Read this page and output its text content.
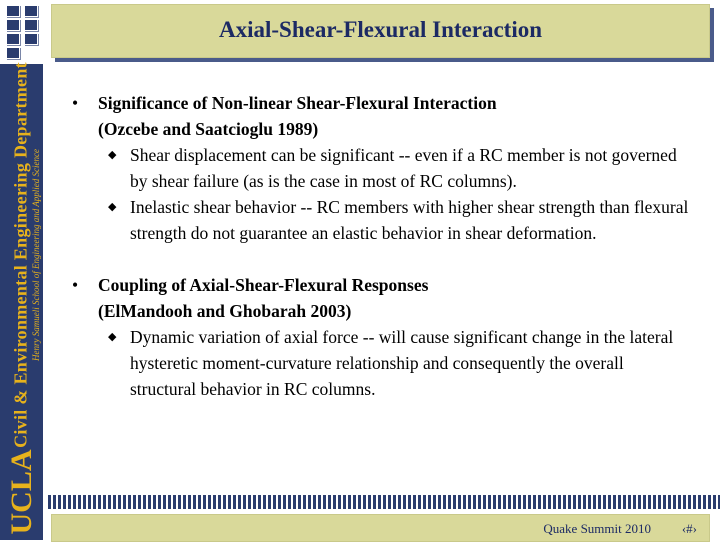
Civil & Environmental Engineering Department Henry Samueli School of Engineering and Applied Science
UCLA
Axial-Shear-Flexural Interaction
•	Significance of Non-linear Shear-Flexural Interaction
(Ozcebe and Saatcioglu 1989)
◆ Shear displacement can be significant -- even if a RC member is not governed by shear failure (as is the case in most of RC columns).
◆ Inelastic shear behavior -- RC members with higher shear strength than flexural strength do not guarantee an elastic behavior in shear deformation.
•	Coupling of Axial-Shear-Flexural Responses
(ElMandooh and Ghobarah 2003)
◆ Dynamic variation of axial force -- will cause significant change in the lateral hysteretic moment-curvature relationship and consequently the overall structural behavior in RC columns.
Quake Summit 2010 ‹#›
